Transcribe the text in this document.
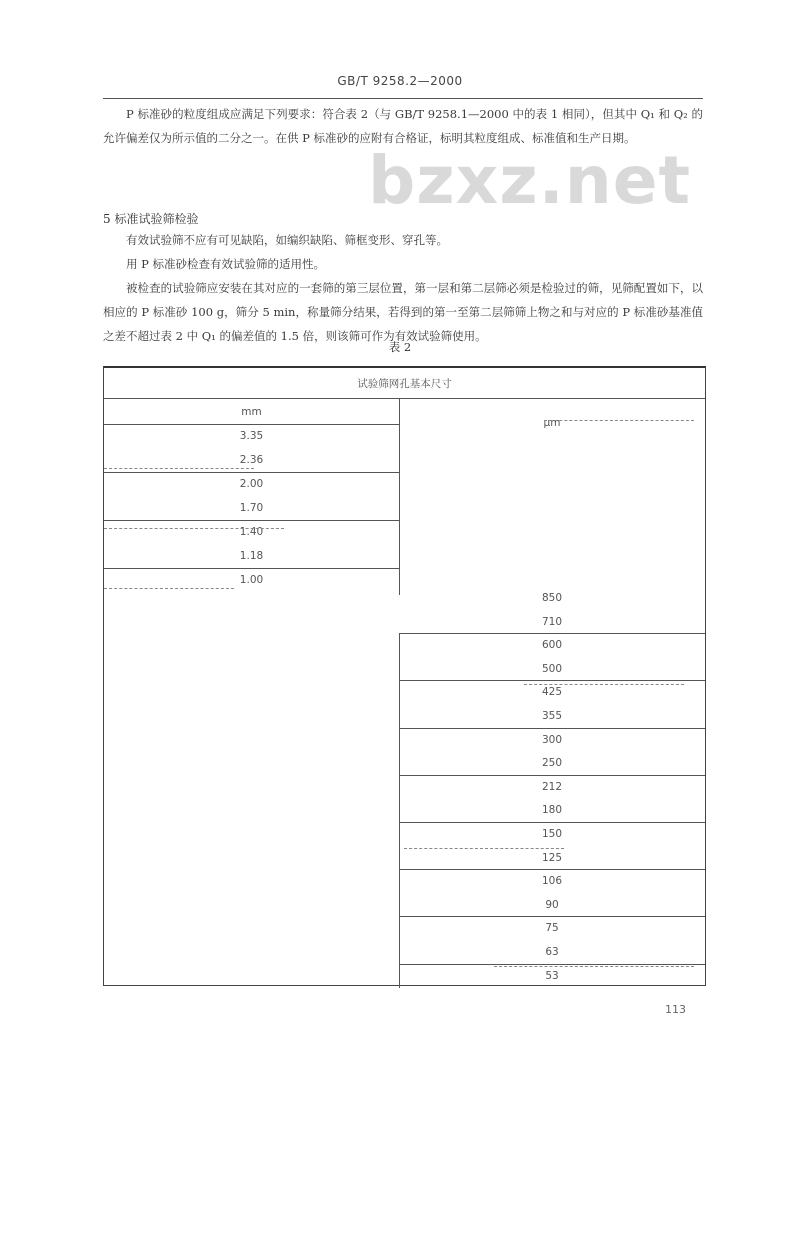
GB/T 9258.2—2000
bzxz.net
P 标准砂的粒度组成应满足下列要求：符合表 2（与 GB/T 9258.1—2000 中的表 1 相同），但其中 Q₁ 和 Q₂ 的允许偏差仅为所示值的二分之一。在供 P 标准砂的应附有合格证，标明其粒度组成、标准值和生产日期。
5 标准试验筛检验
有效试验筛不应有可见缺陷，如编织缺陷、筛框变形、穿孔等。
用 P 标准砂检查有效试验筛的适用性。
被检查的试验筛应安装在其对应的一套筛的第三层位置，第一层和第二层筛必须是检验过的筛，见筛配置如下，以相应的 P 标准砂 100 g，筛分 5 min，称量筛分结果，若得到的第一至第二层筛筛上物之和与对应的 P 标准砂基准值之差不超过表 2 中 Q₁ 的偏差值的 1.5 倍，则该筛可作为有效试验筛使用。
表 2
试验筛网孔基本尺寸
mm
μm
3.35
2.36
2.00
1.70
1.40
1.18
1.00
850
710
600
500
425
355
300
250
212
180
150
125
106
90
75
63
53
113
